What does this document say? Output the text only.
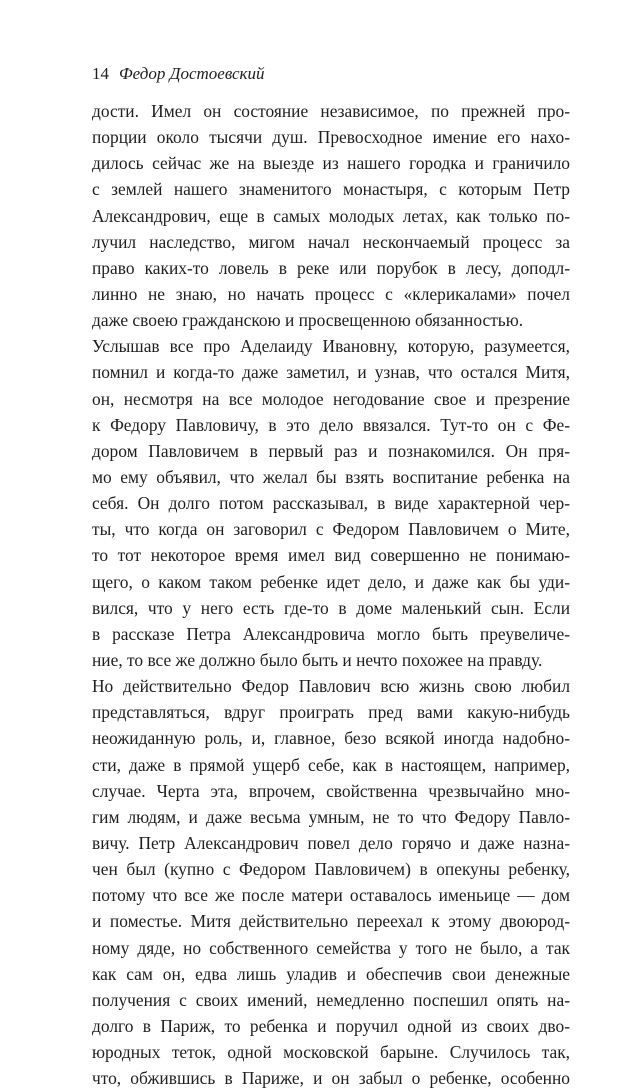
14 Федор Достоевский
дости. Имел он состояние независимое, по прежней про-
порции около тысячи душ. Превосходное имение его нахо-
дилось сейчас же на выезде из нашего городка и граничило
с землей нашего знаменитого монастыря, с которым Петр
Александрович, еще в самых молодых летах, как только по-
лучил наследство, мигом начал нескончаемый процесс за
право каких-то ловель в реке или порубок в лесу, доподл-
линно не знаю, но начать процесс с «клерикалами» почел
даже своею гражданскою и просвещенною обязанностью.
Услышав все про Аделаиду Ивановну, которую, разумеется,
помнил и когда-то даже заметил, и узнав, что остался Митя,
он, несмотря на все молодое негодование свое и презрение
к Федору Павловичу, в это дело ввязался. Тут-то он с Фе-
дором Павловичем в первый раз и познакомился. Он пря-
мо ему объявил, что желал бы взять воспитание ребенка на
себя. Он долго потом рассказывал, в виде характерной чер-
ты, что когда он заговорил с Федором Павловичем о Мите,
то тот некоторое время имел вид совершенно не понимаю-
щего, о каком таком ребенке идет дело, и даже как бы уди-
вился, что у него есть где-то в доме маленький сын. Если
в рассказе Петра Александровича могло быть преувеличе-
ние, то все же должно было быть и нечто похожее на правду.
Но действительно Федор Павлович всю жизнь свою любил
представляться, вдруг проиграть пред вами какую-нибудь
неожиданную роль, и, главное, безо всякой иногда надобно-
сти, даже в прямой ущерб себе, как в настоящем, например,
случае. Черта эта, впрочем, свойственна чрезвычайно мно-
гим людям, и даже весьма умным, не то что Федору Павло-
вичу. Петр Александрович повел дело горячо и даже назна-
чен был (купно с Федором Павловичем) в опекуны ребенку,
потому что все же после матери оставалось именьице — дом
и поместье. Митя действительно переехал к этому двоюрод-
ному дяде, но собственного семейства у того не было, а так
как сам он, едва лишь уладив и обеспечив свои денежные
получения с своих имений, немедленно поспешил опять на-
долго в Париж, то ребенка и поручил одной из своих дво-
юродных теток, одной московской барыне. Случилось так,
что, обжившись в Париже, и он забыл о ребенке, особенно
